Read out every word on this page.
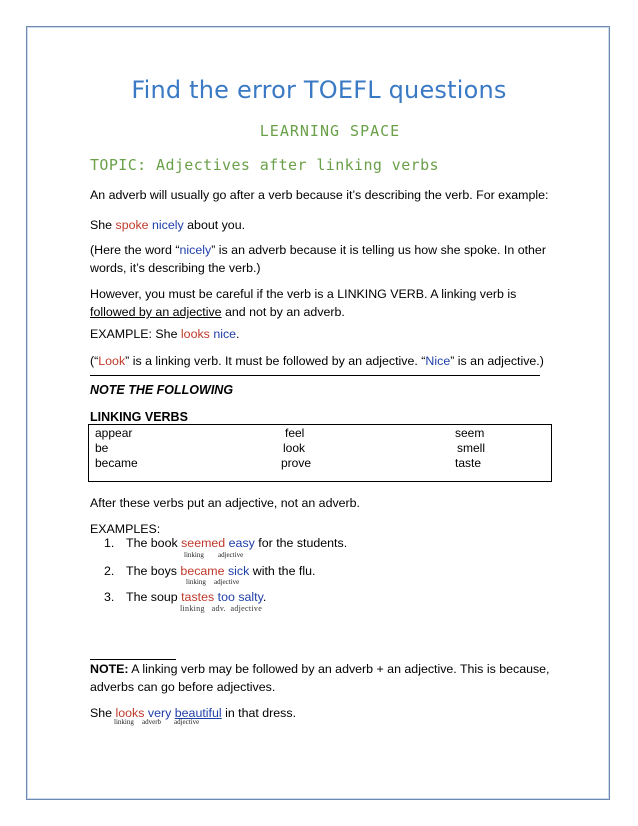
Find the error TOEFL questions
LEARNING SPACE
TOPIC: Adjectives after linking verbs
An adverb will usually go after a verb because it’s describing the verb. For example:
She spoke nicely about you.
(Here the word “nicely” is an adverb because it is telling us how she spoke. In other words, it’s describing the verb.)
However, you must be careful if the verb is a LINKING VERB. A linking verb is followed by an adjective and not by an adverb.
EXAMPLE: She looks nice.
(“Look” is a linking verb. It must be followed by an adjective. “Nice” is an adjective.)
NOTE THE FOLLOWING
LINKING VERBS
appear	feel	seem
be	look	smell
became	prove	taste
After these verbs put an adjective, not an adverb.
EXAMPLES:
1. The book seemed easy for the students.
linking adjective
2. The boys became sick with the flu.
linking adjective
3. The soup tastes too salty.
linking   adv.  adjective
NOTE: A linking verb may be followed by an adverb + an adjective. This is because, adverbs can go before adjectives.
She looks very beautiful in that dress.
linking adverb adjective
